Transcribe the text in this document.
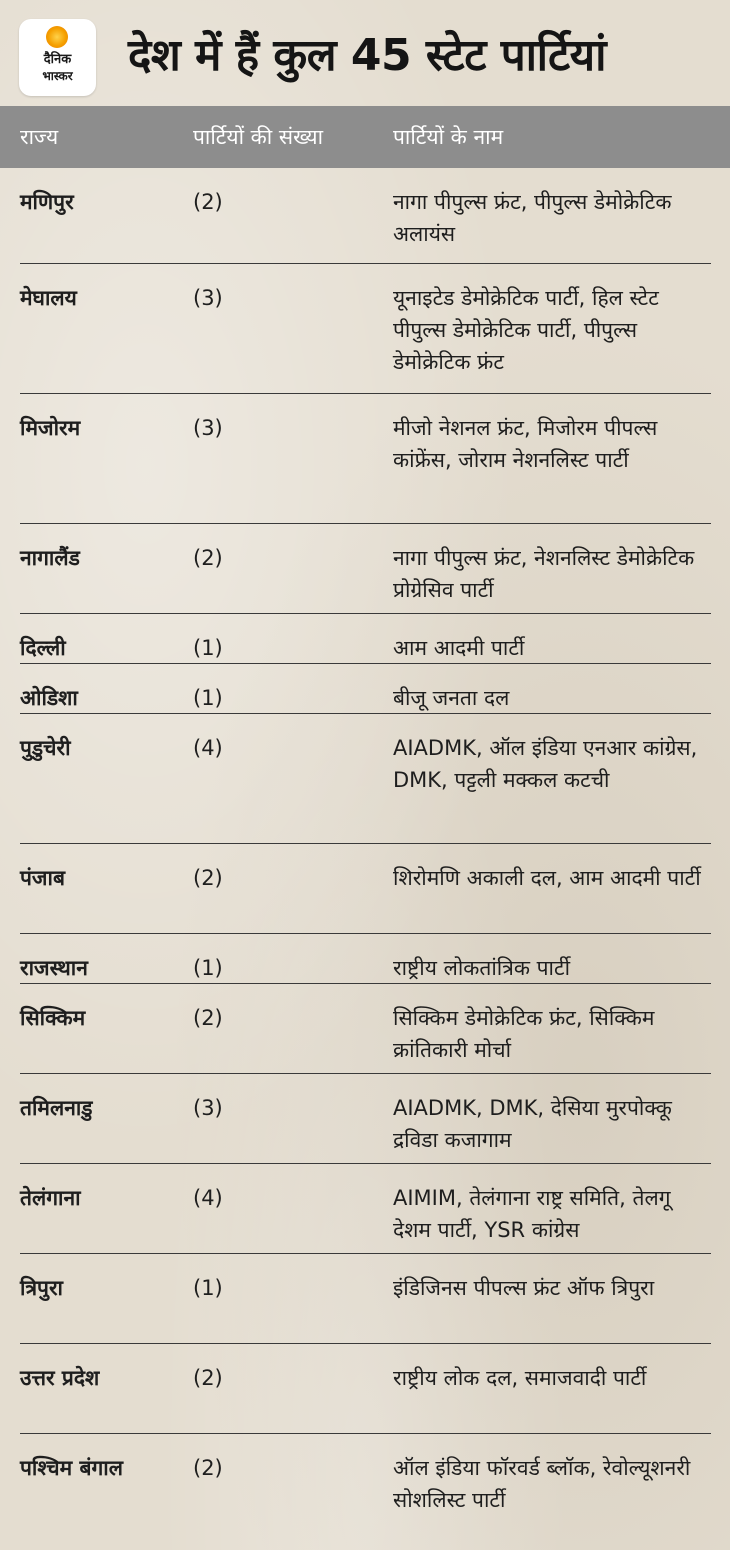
दैनिक
भास्कर	देश में हैं कुल 45 स्टेट पार्टियां
राज्य	पार्टियों की संख्या	पार्टियों के नाम
मणिपुर	(2)	नागा पीपुल्स फ्रंट, पीपुल्स डेमोक्रेटिक अलायंस
मेघालय	(3)	यूनाइटेड डेमोक्रेटिक पार्टी, हिल स्टेट पीपुल्स डेमोक्रेटिक पार्टी, पीपुल्स डेमोक्रेटिक फ्रंट
मिजोरम	(3)	मीजो नेशनल फ्रंट, मिजोरम पीपल्स कांफ्रेंस, जोराम नेशनलिस्ट पार्टी
नागालैंड	(2)	नागा पीपुल्स फ्रंट, नेशनलिस्ट डेमोक्रेटिक प्रोग्रेसिव पार्टी
दिल्ली	(1)	आम आदमी पार्टी
ओडिशा	(1)	बीजू जनता दल
पुडुचेरी	(4)	AIADMK, ऑल इंडिया एनआर कांग्रेस, DMK, पट्टली मक्कल कटची
पंजाब	(2)	शिरोमणि अकाली दल, आम आदमी पार्टी
राजस्थान	(1)	राष्ट्रीय लोकतांत्रिक पार्टी
सिक्किम	(2)	सिक्किम डेमोक्रेटिक फ्रंट, सिक्किम क्रांतिकारी मोर्चा
तमिलनाडु	(3)	AIADMK, DMK, देसिया मुरपोक्कू द्रविडा कजागाम
तेलंगाना	(4)	AIMIM, तेलंगाना राष्ट्र समिति, तेलगू देशम पार्टी, YSR कांग्रेस
त्रिपुरा	(1)	इंडिजिनस पीपल्स फ्रंट ऑफ त्रिपुरा
उत्तर प्रदेश	(2)	राष्ट्रीय लोक दल, समाजवादी पार्टी
पश्चिम बंगाल	(2)	ऑल इंडिया फॉरवर्ड ब्लॉक, रेवोल्यूशनरी सोशलिस्ट पार्टी
